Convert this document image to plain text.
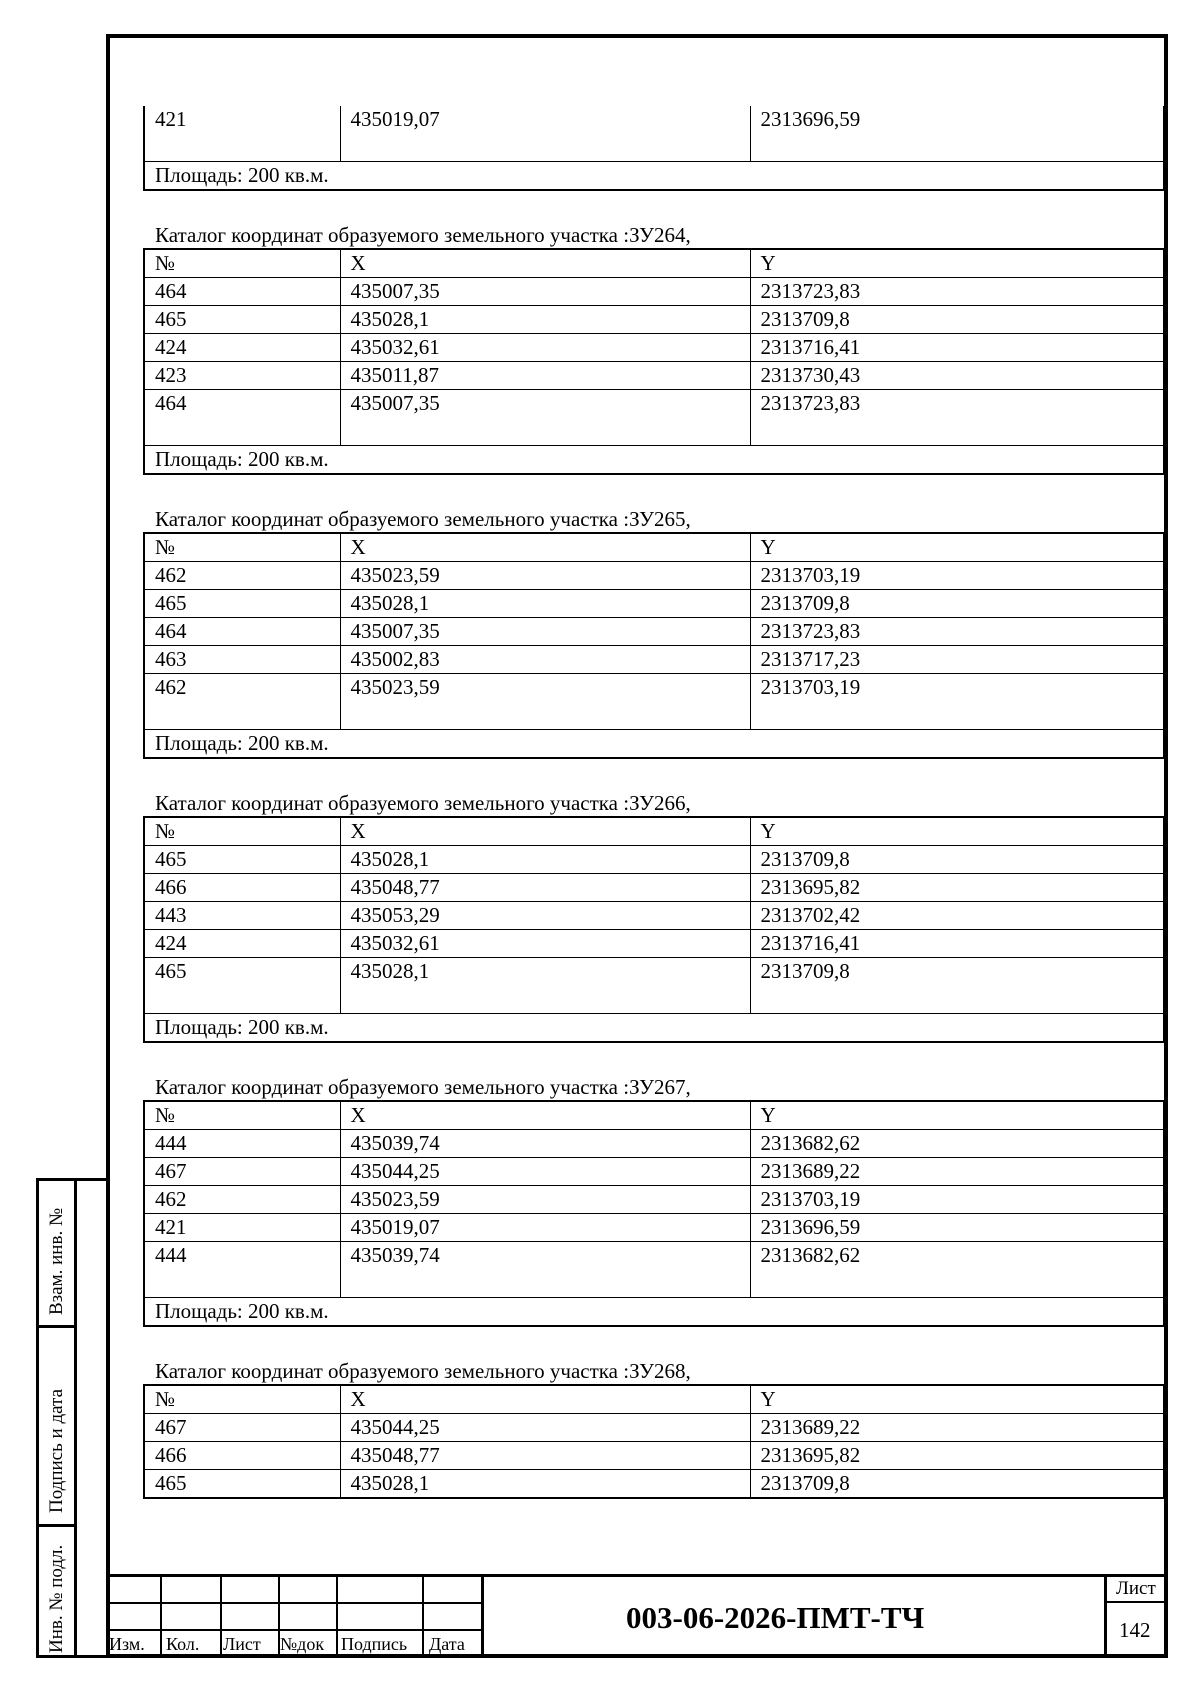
421	435019,07	2313696,59
Площадь: 200 кв.м.
Каталог координат образуемого земельного участка :ЗУ264,
№	X	Y
464	435007,35	2313723,83
465	435028,1	2313709,8
424	435032,61	2313716,41
423	435011,87	2313730,43
464	435007,35	2313723,83
Площадь: 200 кв.м.		
Каталог координат образуемого земельного участка :ЗУ265,
№	X	Y
462	435023,59	2313703,19
465	435028,1	2313709,8
464	435007,35	2313723,83
463	435002,83	2313717,23
462	435023,59	2313703,19
Площадь: 200 кв.м.		
Каталог координат образуемого земельного участка :ЗУ266,
№	X	Y
465	435028,1	2313709,8
466	435048,77	2313695,82
443	435053,29	2313702,42
424	435032,61	2313716,41
465	435028,1	2313709,8
Площадь: 200 кв.м.		
Каталог координат образуемого земельного участка :ЗУ267,
№	X	Y
444	435039,74	2313682,62
467	435044,25	2313689,22
462	435023,59	2313703,19
421	435019,07	2313696,59
444	435039,74	2313682,62
Площадь: 200 кв.м.		
Каталог координат образуемого земельного участка :ЗУ268,
№	X	Y
467	435044,25	2313689,22
466	435048,77	2313695,82
465	435028,1	2313709,8
Взам. инв. №
Подпись и дата
Инв. № подл. Изм. Кол. Лист №док Подпись Дата
003-06-2026-ПМТ-ТЧ
Лист
142
